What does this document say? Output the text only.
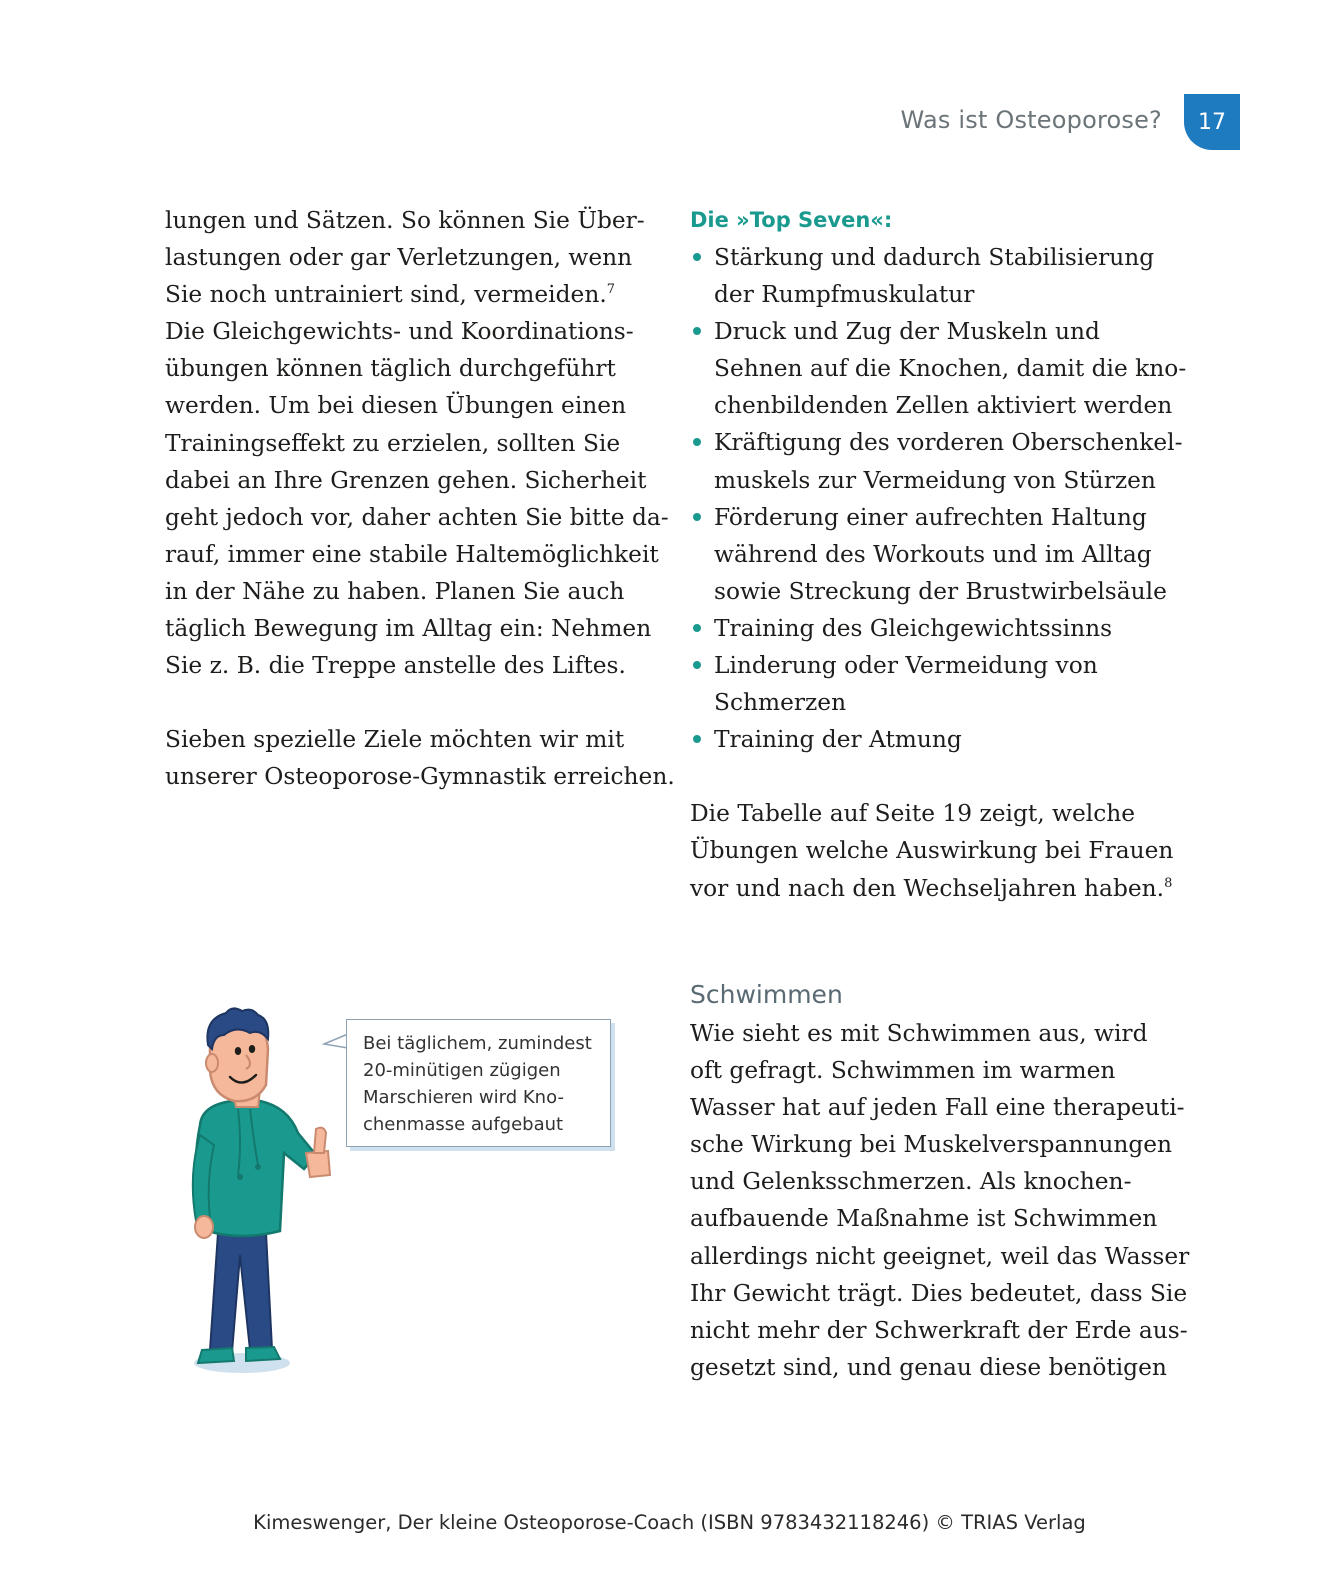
Was ist Osteoporose? 17

lungen und Sätzen. So können Sie Über-
lastungen oder gar Verletzungen, wenn
Sie noch untrainiert sind, vermeiden.$^7$
Die Gleichgewichts- und Koordinations-
übungen können täglich durchgeführt
werden. Um bei diesen Übungen einen
Trainingseffekt zu erzielen, sollten Sie
dabei an Ihre Grenzen gehen. Sicherheit
geht jedoch vor, daher achten Sie bitte da-
rauf, immer eine stabile Haltemöglichkeit
in der Nähe zu haben. Planen Sie auch
täglich Bewegung im Alltag ein: Nehmen
Sie z. B. die Treppe anstelle des Liftes.

Sieben spezielle Ziele möchten wir mit
unserer Osteoporose-Gymnastik erreichen.

Die »Top Seven«:
Stärkung und dadurch Stabilisierung
der Rumpfmuskulatur
Druck und Zug der Muskeln und
Sehnen auf die Knochen, damit die kno-
chenbildenden Zellen aktiviert werden
Kräftigung des vorderen Oberschenkel-
muskels zur Vermeidung von Stürzen
Förderung einer aufrechten Haltung
während des Workouts und im Alltag
sowie Streckung der Brustwirbelsäule
Training des Gleichgewichtssinns
Linderung oder Vermeidung von
Schmerzen
Training der Atmung

Die Tabelle auf Seite 19 zeigt, welche
Übungen welche Auswirkung bei Frauen
vor und nach den Wechseljahren haben.$^8$

Schwimmen

Wie sieht es mit Schwimmen aus, wird
oft gefragt. Schwimmen im warmen
Wasser hat auf jeden Fall eine therapeuti-
sche Wirkung bei Muskelverspannungen
und Gelenksschmerzen. Als knochen-
aufbauende Maßnahme ist Schwimmen
allerdings nicht geeignet, weil das Wasser
Ihr Gewicht trägt. Dies bedeutet, dass Sie
nicht mehr der Schwerkraft der Erde aus-
gesetzt sind, und genau diese benötigen

Bei täglichem, zumindest
20-minütigen zügigen
Marschieren wird Kno-
chenmasse aufgebaut
Kimeswenger, Der kleine Osteoporose-Coach (ISBN 9783432118246) © TRIAS Verlag
